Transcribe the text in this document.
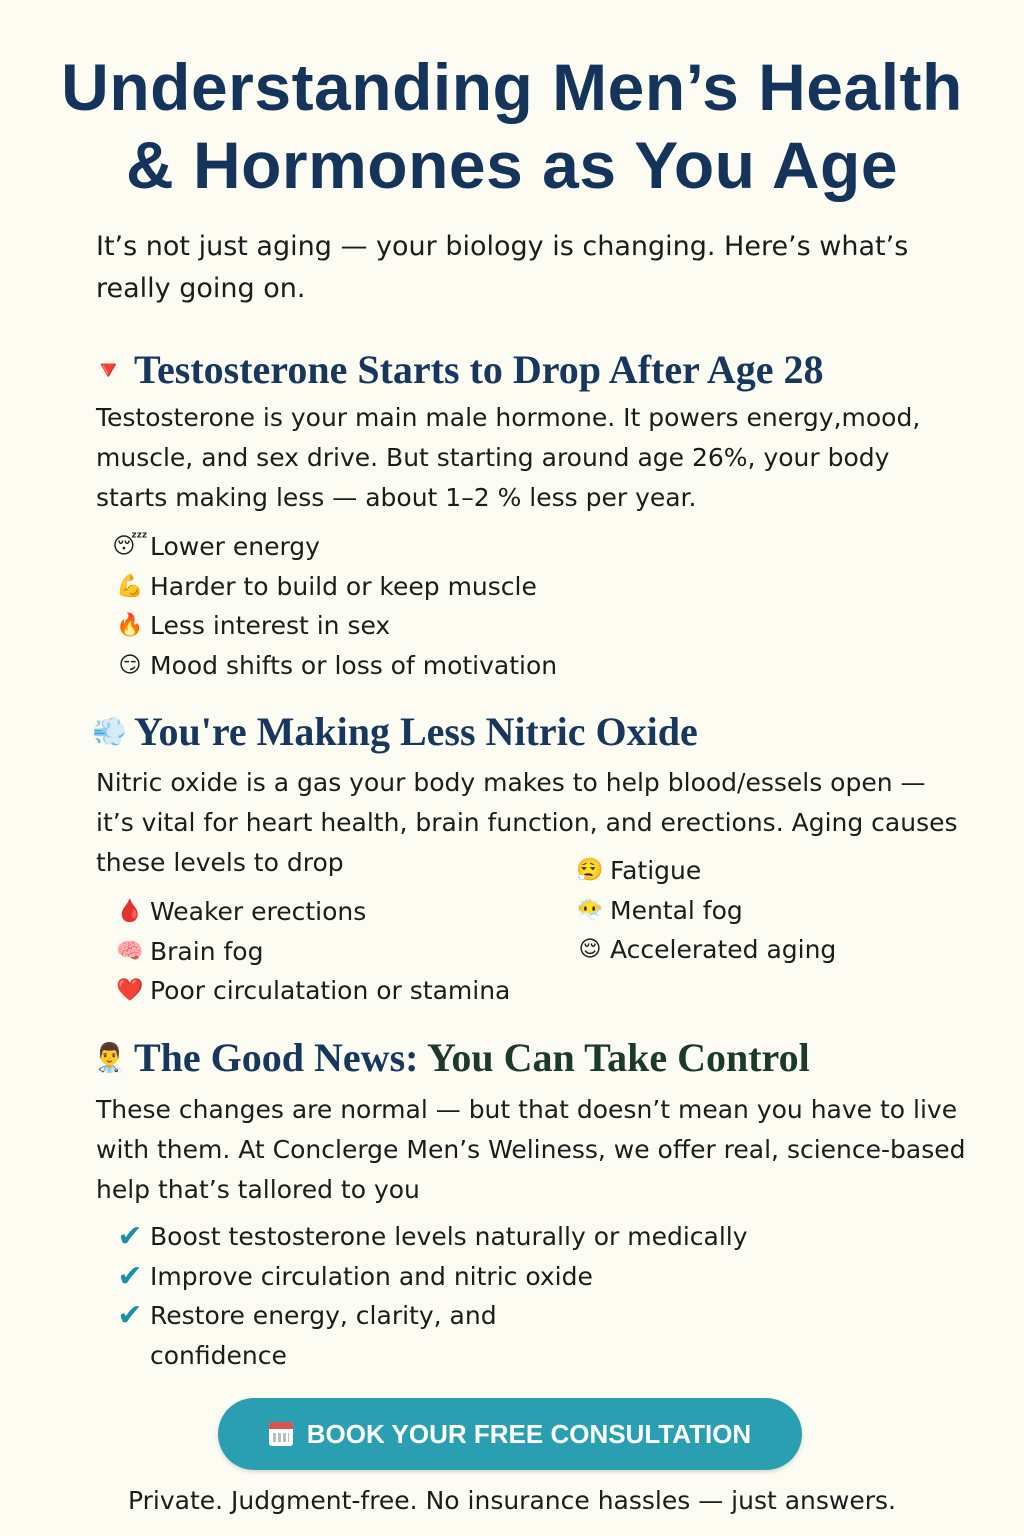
Understanding Men’s Health
& Hormones as You Age

It’s not just aging — your biology is changing. Here’s what’s really going on.

🔻 Testosterone Starts to Drop After Age 28

Testosterone is your main male hormone. It powers energy,mood, muscle, and sex drive. But starting around age 26%, your body starts making less — about 1–2 % less per year.

😴 Lower energy
💪 Harder to build or keep muscle
🔥 Less interest in sex
😏 Mood shifts or loss of motivation
💨 You're Making Less Nitric Oxide

Nitric oxide is a gas your body makes to help blood/essels open — it’s vital for heart health, brain function, and erections. Aging causes these levels to drop

🩸 Weaker erections
🧠 Brain fog
❤️ Poor circulatation or stamina
😮‍💨 Fatigue
😶‍🌫️ Mental fog
😌 Accelerated aging
👨‍⚕️ The Good News: You Can Take Control

These changes are normal — but that doesn’t mean you have to live with them. At Conclerge Men’s Welіness, we offer real, science-based help that’s tallored to you

✔ Boost testosterone levels naturally or medically
✔ Improve circulation and nitric oxide
✔ Restore energy, clarity, and confidence
BOOK YOUR FREE CONSULTATION

Private. Judgment-free. No insurance hassles — just answers.
